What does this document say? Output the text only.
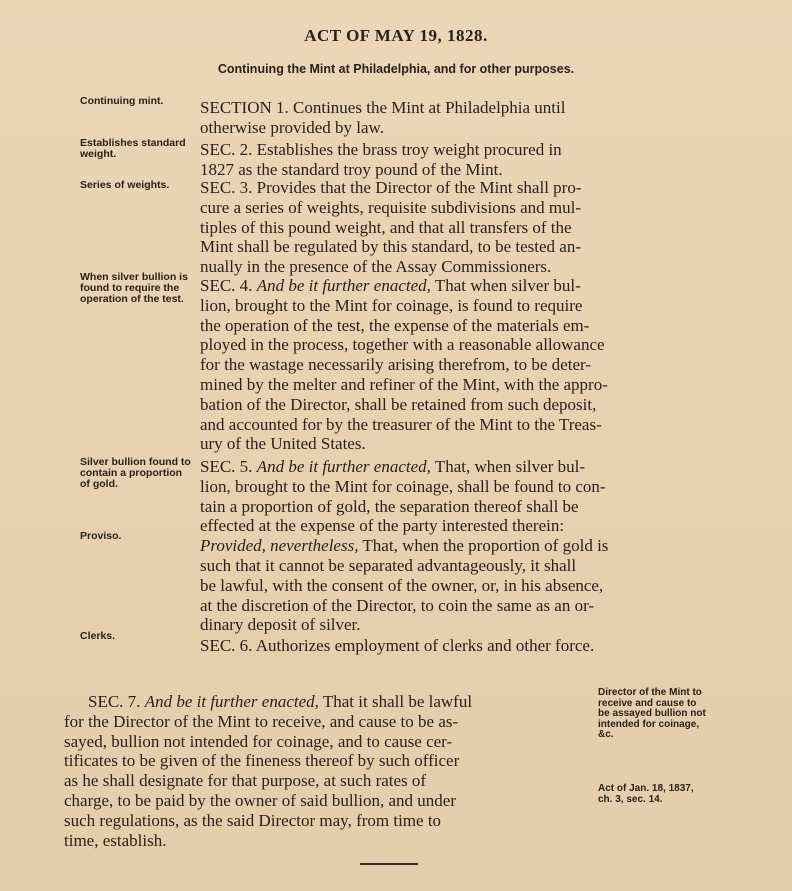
ACT OF MAY 19, 1828.
Continuing the Mint at Philadelphia, and for other purposes.
Continuing mint.
Establishes standard weight.
Series of weights.
When silver bullion is found to require the operation of the test.
Silver bullion found to contain a proportion of gold.
Proviso.
Clerks.
Director of the Mint to receive and cause to be assayed bullion not intended for coinage, &c.
Act of Jan. 18, 1837, ch. 3, sec. 14.
SECTION 1. Continues the Mint at Philadelphia until
otherwise provided by law.
SEC. 2. Establishes the brass troy weight procured in
1827 as the standard troy pound of the Mint.
SEC. 3. Provides that the Director of the Mint shall pro-
cure a series of weights, requisite subdivisions and mul-
tiples of this pound weight, and that all transfers of the
Mint shall be regulated by this standard, to be tested an-
nually in the presence of the Assay Commissioners.
SEC. 4. And be it further enacted, That when silver bul-
lion, brought to the Mint for coinage, is found to require
the operation of the test, the expense of the materials em-
ployed in the process, together with a reasonable allowance
for the wastage necessarily arising therefrom, to be deter-
mined by the melter and refiner of the Mint, with the appro-
bation of the Director, shall be retained from such deposit,
and accounted for by the treasurer of the Mint to the Treas-
ury of the United States.
SEC. 5. And be it further enacted, That, when silver bul-
lion, brought to the Mint for coinage, shall be found to con-
tain a proportion of gold, the separation thereof shall be
effected at the expense of the party interested therein:
Provided, nevertheless, That, when the proportion of gold is
such that it cannot be separated advantageously, it shall
be lawful, with the consent of the owner, or, in his absence,
at the discretion of the Director, to coin the same as an or-
dinary deposit of silver.
SEC. 6. Authorizes employment of clerks and other force.
SEC. 7. And be it further enacted, That it shall be lawful
for the Director of the Mint to receive, and cause to be as-
sayed, bullion not intended for coinage, and to cause cer-
tificates to be given of the fineness thereof by such officer
as he shall designate for that purpose, at such rates of
charge, to be paid by the owner of said bullion, and under
such regulations, as the said Director may, from time to
time, establish.
